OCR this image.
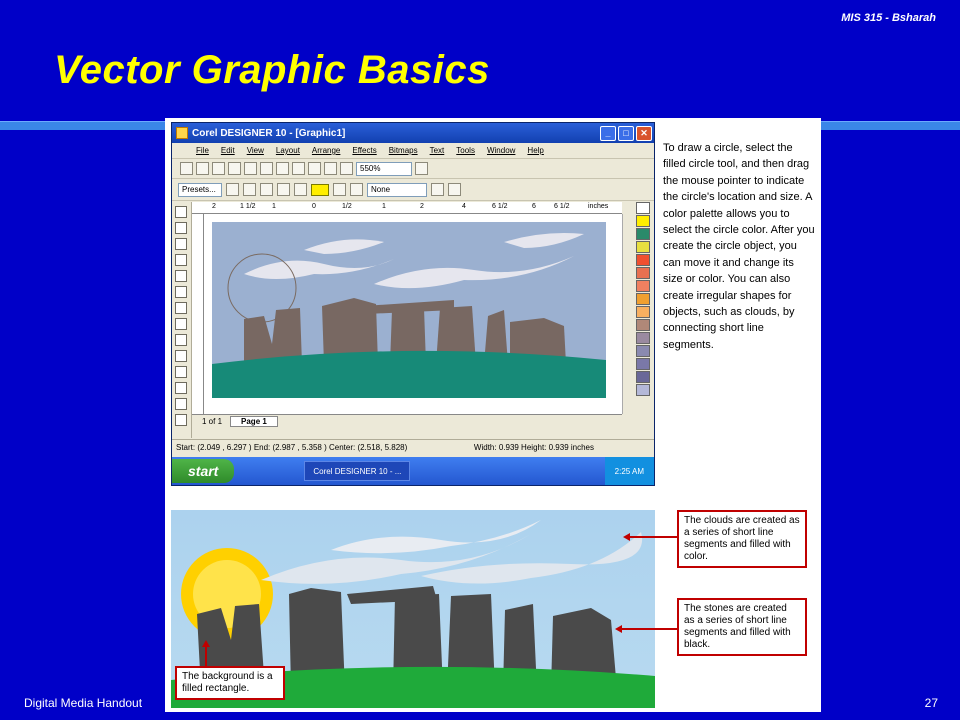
MIS 315 - Bsharah
Vector Graphic Basics
Corel DESIGNER 10 - [Graphic1]	_	□	✕
File Edit View Layout Arrange Effects Bitmaps Text Tools Window Help
550%
Presets...	None
2	1 1/2 1	0	1/2	1	2	4	6 1/2	6	6 1/2	inches
1 of 1	Page 1
Start: (2.049 , 6.297 ) End: (2.987 , 5.358 ) Center: (2.518, 5.828)	Width: 0.939 Height: 0.939 inches
start	Corel DESIGNER 10 - ...	2:25 AM
To draw a circle, select the filled circle tool, and then drag the mouse pointer to indicate the circle's location and size. A color palette allows you to select the circle color. After you create the circle object, you can move it and change its size or color. You can also create irregular shapes for objects, such as clouds, by connecting short line segments.
The clouds are created as a series of short line segments and filled with color.
The stones are created as a series of short line segments and filled with black.
The background is a filled rectangle.
Digital Media Handout	27
